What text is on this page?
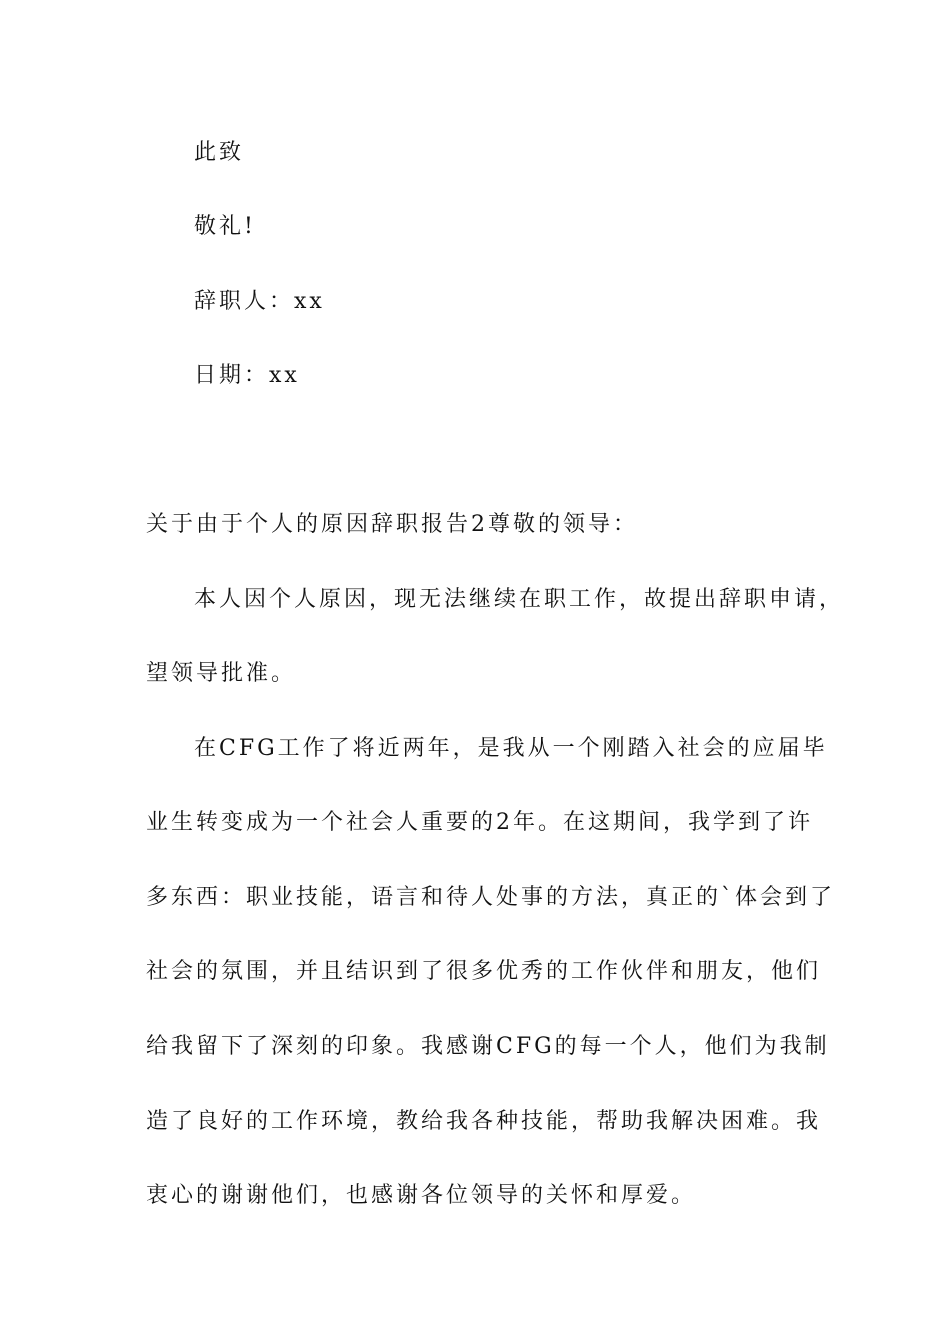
此致
敬礼!
辞职人：xx
日期：xx
关于由于个人的原因辞职报告2尊敬的领导：
本人因个人原因，现无法继续在职工作，故提出辞职申请，
望领导批准。
在CFG工作了将近两年，是我从一个刚踏入社会的应届毕
业生转变成为一个社会人重要的2年。在这期间，我学到了许
多东西：职业技能，语言和待人处事的方法，真正的`体会到了
社会的氛围，并且结识到了很多优秀的工作伙伴和朋友，他们
给我留下了深刻的印象。我感谢CFG的每一个人，他们为我制
造了良好的工作环境，教给我各种技能，帮助我解决困难。我
衷心的谢谢他们，也感谢各位领导的关怀和厚爱。
